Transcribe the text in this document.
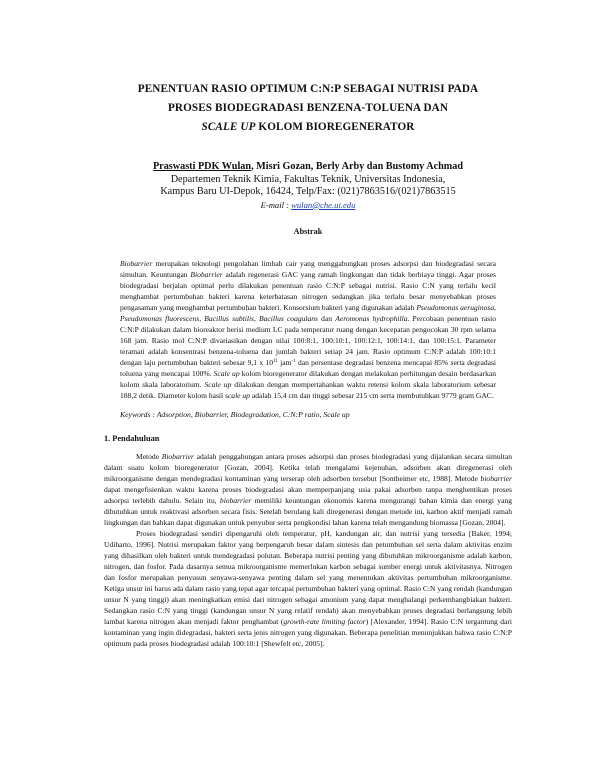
PENENTUAN RASIO OPTIMUM C:N:P SEBAGAI NUTRISI PADA
PROSES BIODEGRADASI BENZENA-TOLUENA DAN
SCALE UP KOLOM BIOREGENERATOR
Praswasti PDK Wulan, Misri Gozan, Berly Arby dan Bustomy Achmad
Departemen Teknik Kimia, Fakultas Teknik, Universitas Indonesia,
Kampus Baru UI-Depok, 16424, Telp/Fax: (021)7863516/(021)7863515
E-mail : wulan@che.ui.edu
Abstrak
Biobarrier merupakan teknologi pengolahan limbah cair yang menggabungkan proses adsorpsi dan biodegradasi secara simultan. Keuntungan Biobarrier adalah regenerasi GAC yang ramah lingkungan dan tidak berbiaya tinggi. Agar proses biodegradasi berjalan optimal perlu dilakukan penentuan rasio C:N:P sebagai nutrisi. Rasio C:N yang terlalu kecil menghambat pertumbuhan bakteri karena keterbatasan nitrogen sedangkan jika terlalu besar menyebabkan proses pengasaman yang menghambat pertumbuhan bakteri. Konsorsium bakteri yang digunakan adalah Pseudomonas aeruginosa, Pseudomonas fluorescens, Bacillus subtilis, Bacillus coagulans dan Aeromonas hydrophilla. Percobaan penentuan rasio C:N:P dilakukan dalam bioreaktor herisi medium LC pada temperatur ruang dengan kecepatan pengocokan 30 rpm selama 168 jam. Rasio mol C:N:P divariasikan dengan nilai 100:8:1, 100:10:1, 100:12:1, 100:14:1, dan 100:15:1. Parameter teramati adalah konsentrasi benzena-toluena dan jumlah bakteri setiap 24 jam. Rasio optimum C:N:P adalah 100:10:1 dengan laju pertumbuhan bakteri sebesar 9,1 x $10^{11}$ jam$^{-1}$ dan persentase degradasi benzena mencapai 85% serta degradasi toluena yang mencapai 100%. Scale up kolom bioregenerator dilakukan dengan melakukan perhitungan desain berdasarkan kolom skala laboratorium. Scale up dilakukan dengan mempertahankan waktu retensi kolom skala laboratorium sebesar 188,2 detik. Diameter kolom hasil scale up adalah 15,4 cm dan tinggi sebesar 215 cm serta membutuhkan 9779 gram GAC.
Keywords : Adsorption, Biobarrier, Biodegradation, C:N:P ratio, Scale up
1. Pendahuluan

Metode Biobarrier adalah penggabungan antara proses adsorpsi dan proses biodegradasi yang dijalankan secara simultan dalam suatu kolom bioregenerator [Gozan, 2004]. Ketika telah mengalami kejenuhan, adsorben akan diregenerasi oleh mikroorganisme dengan mendegradasi kontaminan yang terserap oleh adsorben tersebut [Sontheimer etc, 1988]. Metode biobarrier dapat mengefisienkan waktu karena proses biodegradasi akan memperpanjang usia pakai adsorben tanpa menghentikan proses adsorpsi terlebih dahulu. Selain itu, biobarrier memiliki keuntungan ekonomis karena mengurangi bahan kimia dan energi yang dibutuhkan untuk reaktivasi adsorben secara fisis. Setelah berulang kali diregenerasi dengan metode ini, karbon aktif menjadi ramah lingkungan dan bahkan dapat digunakan untuk penyubur serta pengkondisi lahan karena telah mengandung biomassa [Gozan, 2004].

Proses biodegradasi sendiri dipengaruhi oleh temperatur, pH, kandungan air, dan nutrisi yang tersedia [Baker, 1994; Udiharto, 1996]. Nutrisi merupakan faktor yang berpengaruh besar dalam sintesis dan petumbuhan sel serta dalam aktivitas enzim yang dihasilkan oleh bakteri untuk mendegradasi polutan. Beberapa nutrisi penting yang dibutuhkan mikroorganisme adalah karbon, nitrogen, dan fosfor. Pada dasarnya semua mikroorganisme memerlukan karbon sebagai sumber energi untuk aktivitasnya. Nitrogen dan fosfor merupakan penyusun senyawa-senyawa penting dalam sel yang menentukan aktivitas pertumbuhan mikroorganisme. Ketiga unsur ini harus ada dalam rasio yang tepat agar tercapai pertumbuhan bakteri yang optimal. Rasio C:N yang rendah (kandungan unsur N yang tinggi) akan meningkatkan emisi dari nitrogen sebagai amonium yang dapat menghalangi perkembangbiakan bakteri. Sedangkan rasio C:N yang tinggi (kandungan unsur N yang relatif rendah) akan menyebabkan proses degradasi berlangsung lebih lambat karena nitrogen akan menjadi faktor penghambat (growth-rate limiting factor) [Alexander, 1994]. Rasio C:N tergantung dari kontaminan yang ingin didegradasi, bakteri serta jenis nitrogen yang digunakan. Beberapa penelitian menunjukkan bahwa rasio C:N:P optimum pada proses biodegradasi adalah 100:10:1 [Shewfelt etc, 2005].
